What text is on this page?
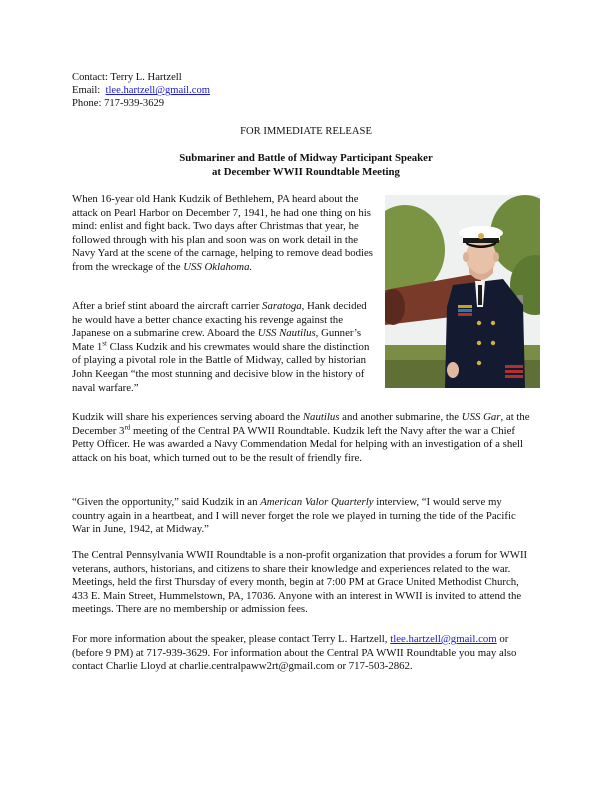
Contact: Terry L. Hartzell
Email:  tlee.hartzell@gmail.com
Phone: 717-939-3629
FOR IMMEDIATE RELEASE
Submariner and Battle of Midway Participant Speaker
at December WWII Roundtable Meeting

When 16-year old Hank Kudzik of Bethlehem, PA heard about the attack on Pearl Harbor on December 7, 1941, he had one thing on his mind: enlist and fight back. Two days after Christmas that year, he followed through with his plan and soon was on work detail in the Navy Yard at the scene of the carnage, helping to remove dead bodies from the wreckage of the USS Oklahoma.

After a brief stint aboard the aircraft carrier Saratoga, Hank decided he would have a better chance exacting his revenge against the Japanese on a submarine crew. Aboard the USS Nautilus, Gunner’s Mate 1st Class Kudzik and his crewmates would share the distinction of playing a pivotal role in the Battle of Midway, called by historian John Keegan “the most stunning and decisive blow in the history of naval warfare.”

Kudzik will share his experiences serving aboard the Nautilus and another submarine, the USS Gar, at the December 3rd meeting of the Central PA WWII Roundtable. Kudzik left the Navy after the war a Chief Petty Officer. He was awarded a Navy Commendation Medal for helping with an investigation of a shell attack on his boat, which turned out to be the result of friendly fire.

“Given the opportunity,” said Kudzik in an American Valor Quarterly interview, “I would serve my country again in a heartbeat, and I will never forget the role we played in turning the tide of the Pacific War in June, 1942, at Midway.”

The Central Pennsylvania WWII Roundtable is a non-profit organization that provides a forum for WWII veterans, authors, historians, and citizens to share their knowledge and experiences related to the war. Meetings, held the first Thursday of every month, begin at 7:00 PM at Grace United Methodist Church, 433 E. Main Street, Hummelstown, PA, 17036. Anyone with an interest in WWII is invited to attend the meetings. There are no membership or admission fees.

For more information about the speaker, please contact Terry L. Hartzell, tlee.hartzell@gmail.com or (before 9 PM) at 717-939-3629. For information about the Central PA WWII Roundtable you may also contact Charlie Lloyd at charlie.centralpaww2rt@gmail.com or 717-503-2862.
